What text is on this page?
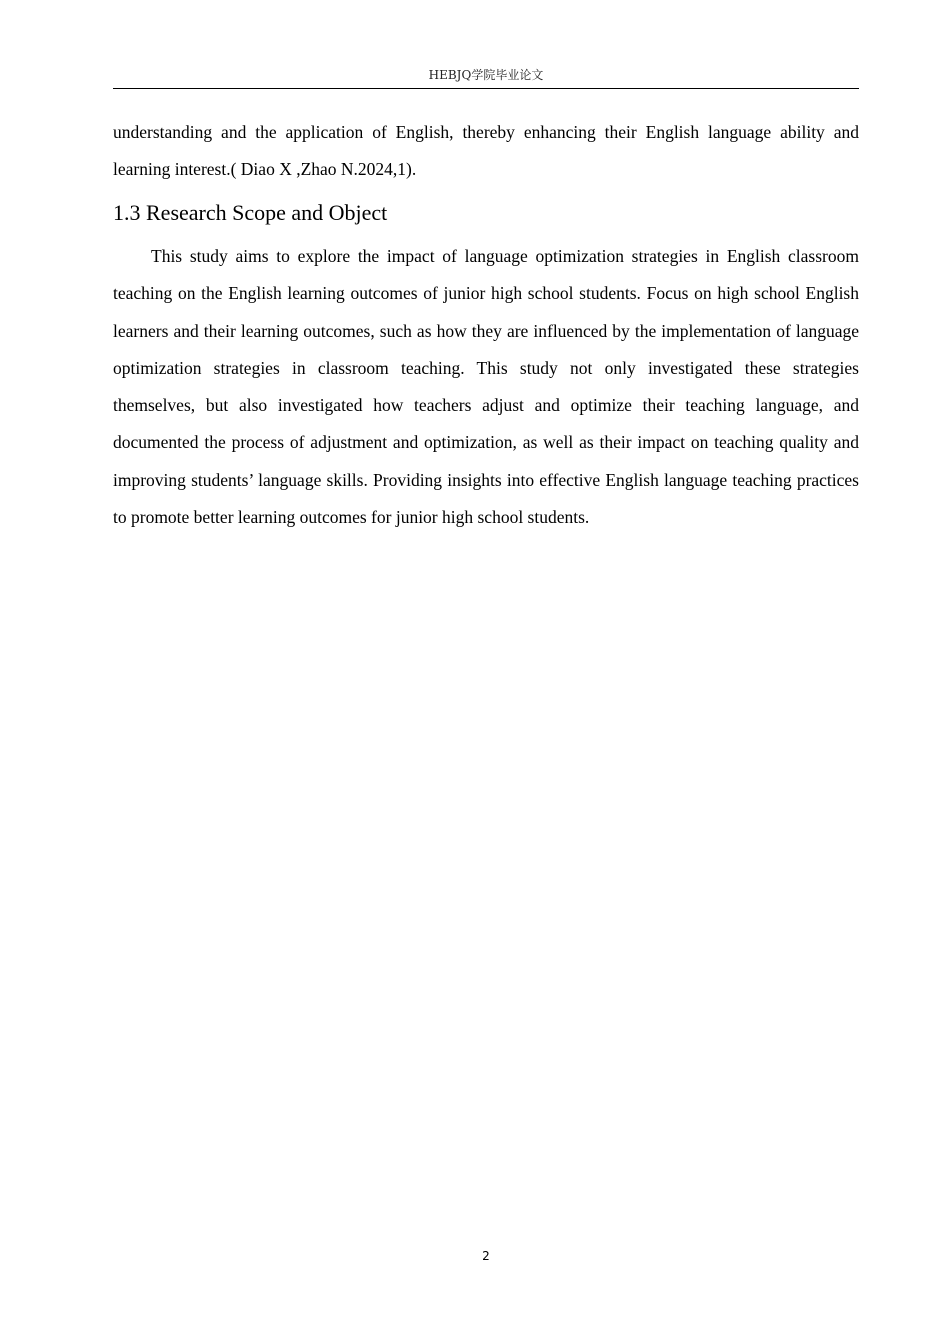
HEBJQ学院毕业论文

understanding and the application of English, thereby enhancing their English language ability and learning interest.( Diao X ,Zhao N.2024,1).

1.3 Research Scope and Object

This study aims to explore the impact of language optimization strategies in English classroom teaching on the English learning outcomes of junior high school students. Focus on high school English learners and their learning outcomes, such as how they are influenced by the implementation of language optimization strategies in classroom teaching. This study not only investigated these strategies themselves, but also investigated how teachers adjust and optimize their teaching language, and documented the process of adjustment and optimization, as well as their impact on teaching quality and improving students’ language skills. Providing insights into effective English language teaching practices to promote better learning outcomes for junior high school students.

2
